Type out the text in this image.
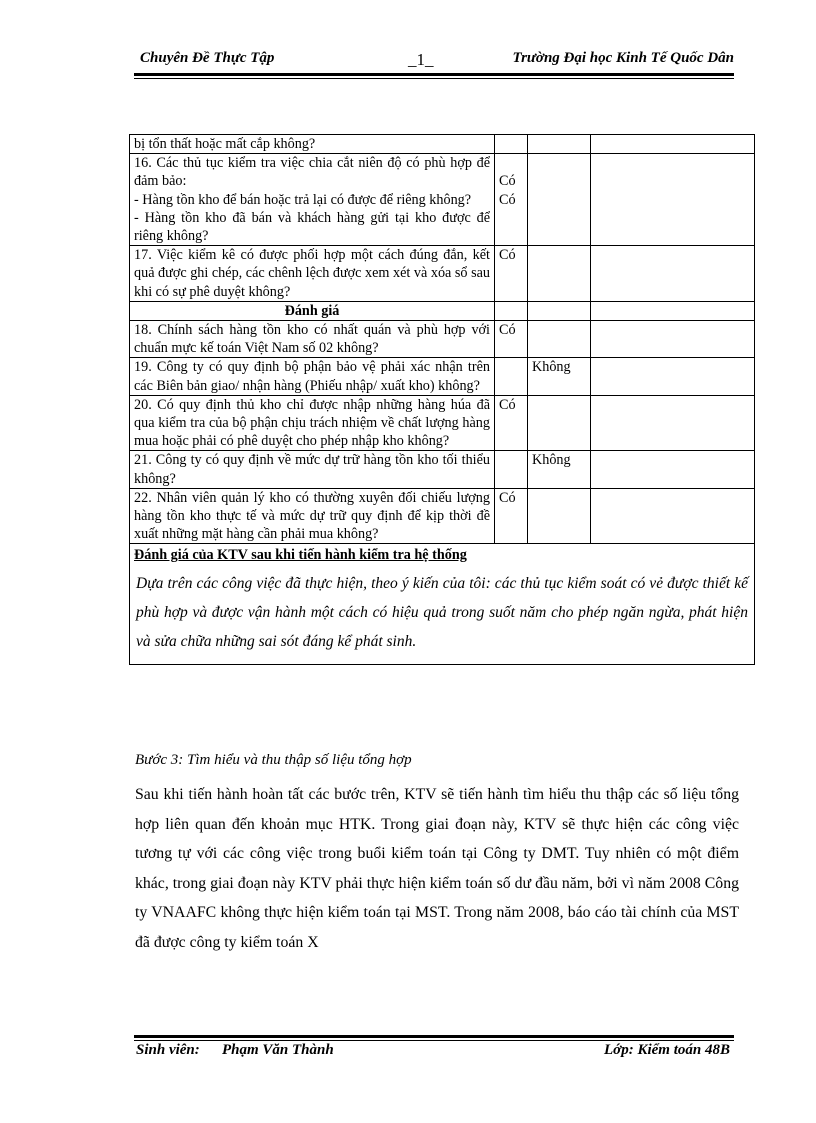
Chuyên Đề Thực Tập	_1_	Trường Đại học Kinh Tế Quốc Dân
bị tổn thất hoặc mất cắp không?			

16. Các thủ tục kiểm tra việc chia cắt niên độ có phù hợp để đảm bảo:
- Hàng tồn kho để bán hoặc trả lại có được để riêng không?
- Hàng tồn kho đã bán và khách hàng gửi tại kho được để riêng không?	Có
Có		

17. Việc kiểm kê có được phối hợp một cách đúng đắn, kết quả được ghi chép, các chênh lệch được xem xét và xóa sổ sau khi có sự phê duyệt không?	Có		
Đánh giá			
18. Chính sách hàng tồn kho có nhất quán và phù hợp với chuẩn mực kế toán Việt Nam số 02 không?	Có		
19. Công ty có quy định bộ phận bảo vệ phải xác nhận trên các Biên bản giao/ nhận hàng (Phiếu nhập/ xuất kho) không?		Không	
20. Có quy định thủ kho chỉ được nhập những hàng húa đã qua kiểm tra của bộ phận chịu trách nhiệm về chất lượng hàng mua hoặc phải có phê duyệt cho phép nhập kho không?	Có		
21. Công ty có quy định về mức dự trữ hàng tồn kho tối thiểu không?		Không	
22. Nhân viên quản lý kho có thường xuyên đối chiếu lượng hàng tồn kho thực tế và mức dự trữ quy định để kịp thời đề xuất những mặt hàng cần phải mua không?	Có		

Đánh giá của KTV sau khi tiến hành kiểm tra hệ thống
Dựa trên các công việc đã thực hiện, theo ý kiến của tôi: các thủ tục kiểm soát có vẻ được thiết kế phù hợp và được vận hành một cách có hiệu quả trong suốt năm cho phép ngăn ngừa, phát hiện và sửa chữa những sai sót đáng kể phát sinh.			
Bước 3: Tìm hiểu và thu thập số liệu tổng hợp
Sau khi tiến hành hoàn tất các bước trên, KTV sẽ tiến hành tìm hiểu thu thập các số liệu tổng hợp liên quan đến khoản mục HTK. Trong giai đoạn này, KTV sẽ thực hiện các công việc tương tự với các công việc trong buổi kiểm toán tại Công ty DMT. Tuy nhiên có một điểm khác, trong giai đoạn này KTV phải thực hiện kiểm toán số dư đầu năm, bởi vì năm 2008 Công ty VNAAFC không thực hiện kiểm toán tại MST. Trong năm 2008, báo cáo tài chính của MST đã được công ty kiểm toán X
Sinh viên: Phạm Văn Thành	Lớp: Kiểm toán 48B
